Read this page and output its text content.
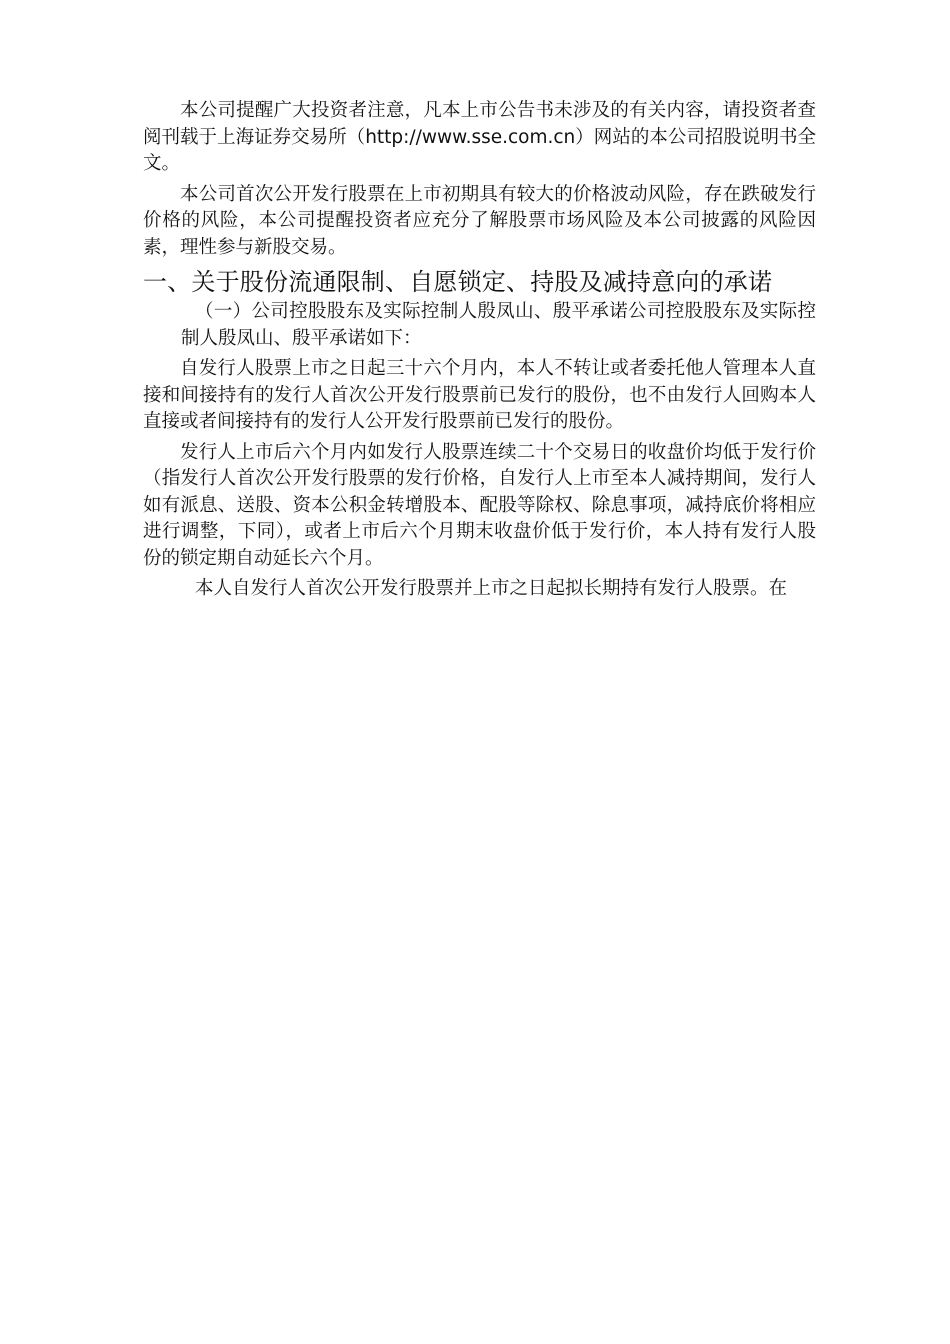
本公司提醒广大投资者注意，凡本上市公告书未涉及的有关内容，请投资者查阅刊载于上海证券交易所（http://www.sse.com.cn）网站的本公司招股说明书全文。

本公司首次公开发行股票在上市初期具有较大的价格波动风险，存在跌破发行价格的风险，本公司提醒投资者应充分了解股票市场风险及本公司披露的风险因素，理性参与新股交易。

一、关于股份流通限制、自愿锁定、持股及减持意向的承诺

（一）公司控股股东及实际控制人殷凤山、殷平承诺公司控股股东及实际控制人殷凤山、殷平承诺如下：

自发行人股票上市之日起三十六个月内，本人不转让或者委托他人管理本人直接和间接持有的发行人首次公开发行股票前已发行的股份，也不由发行人回购本人直接或者间接持有的发行人公开发行股票前已发行的股份。

发行人上市后六个月内如发行人股票连续二十个交易日的收盘价均低于发行价（指发行人首次公开发行股票的发行价格，自发行人上市至本人减持期间，发行人如有派息、送股、资本公积金转增股本、配股等除权、除息事项，减持底价将相应进行调整，下同），或者上市后六个月期末收盘价低于发行价，本人持有发行人股份的锁定期自动延长六个月。

本人自发行人首次公开发行股票并上市之日起拟长期持有发行人股票。在
